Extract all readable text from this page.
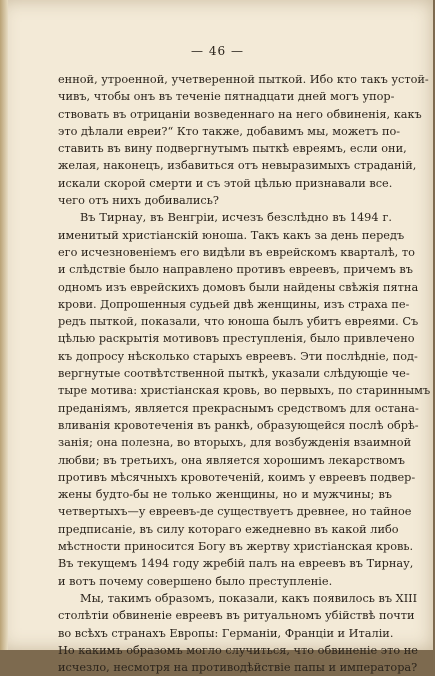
— 46 —
енной, утроенной, учетверенной пыткой. Ибо кто такъ устой-
чивъ, чтобы онъ въ теченіе пятнадцати дней могъ упор-
ствовать въ отрицаніи возведеннаго на него обвиненія, какъ
это дѣлали евреи?“ Кто также, добавимъ мы, можетъ по-
ставить въ вину подвергнутымъ пыткѣ евреямъ, если они,
желая, наконецъ, избавиться отъ невыразимыхъ страданій,
искали скорой смерти и съ этой цѣлью признавали все.
чего отъ нихъ добивались?
Въ Тирнау, въ Венгріи, исчезъ безслѣдно въ 1494 г.
именитый христіанскій юноша. Такъ какъ за день передъ
его исчезновеніемъ его видѣли въ еврейскомъ кварталѣ, то
и слѣдствіе было направлено противъ евреевъ, причемъ въ
одномъ изъ еврейскихъ домовъ были найдены свѣжія пятна
крови. Допрошенныя судьей двѣ женщины, изъ страха пе-
редъ пыткой, показали, что юноша былъ убитъ евреями. Съ
цѣлью раскрытія мотивовъ преступленія, было привлечено
къ допросу нѣсколько старыхъ евреевъ. Эти послѣдніе, под-
вергнутые соотвѣтственной пыткѣ, указали слѣдующіе че-
тыре мотива: христіанская кровь, во первыхъ, по стариннымъ
преданіямъ, является прекраснымъ средствомъ для остана-
вливанія кровотеченія въ ранкѣ, образующейся послѣ обрѣ-
занія; она полезна, во вторыхъ, для возбужденія взаимной
любви; въ третьихъ, она является хорошимъ лекарствомъ
противъ мѣсячныхъ кровотеченій, коимъ у евреевъ подвер-
жены будто-бы не только женщины, но и мужчины; въ
четвертыхъ—у евреевъ-де существуетъ древнее, но тайное
предписаніе, въ силу котораго ежедневно въ какой либо
мѣстности приносится Богу въ жертву христіанская кровь.
Въ текущемъ 1494 году жребій палъ на евреевъ въ Тирнау,
и вотъ почему совершено было преступленіе.
Мы, такимъ образомъ, показали, какъ появилось въ XIII
столѣтіи обвиненіе евреевъ въ ритуальномъ убійствѣ почти
во всѣхъ странахъ Европы: Германіи, Франціи и Италіи.
Но какимъ образомъ могло случиться, что обвиненіе это не
исчезло, несмотря на противодѣйствіе папы и императора?
